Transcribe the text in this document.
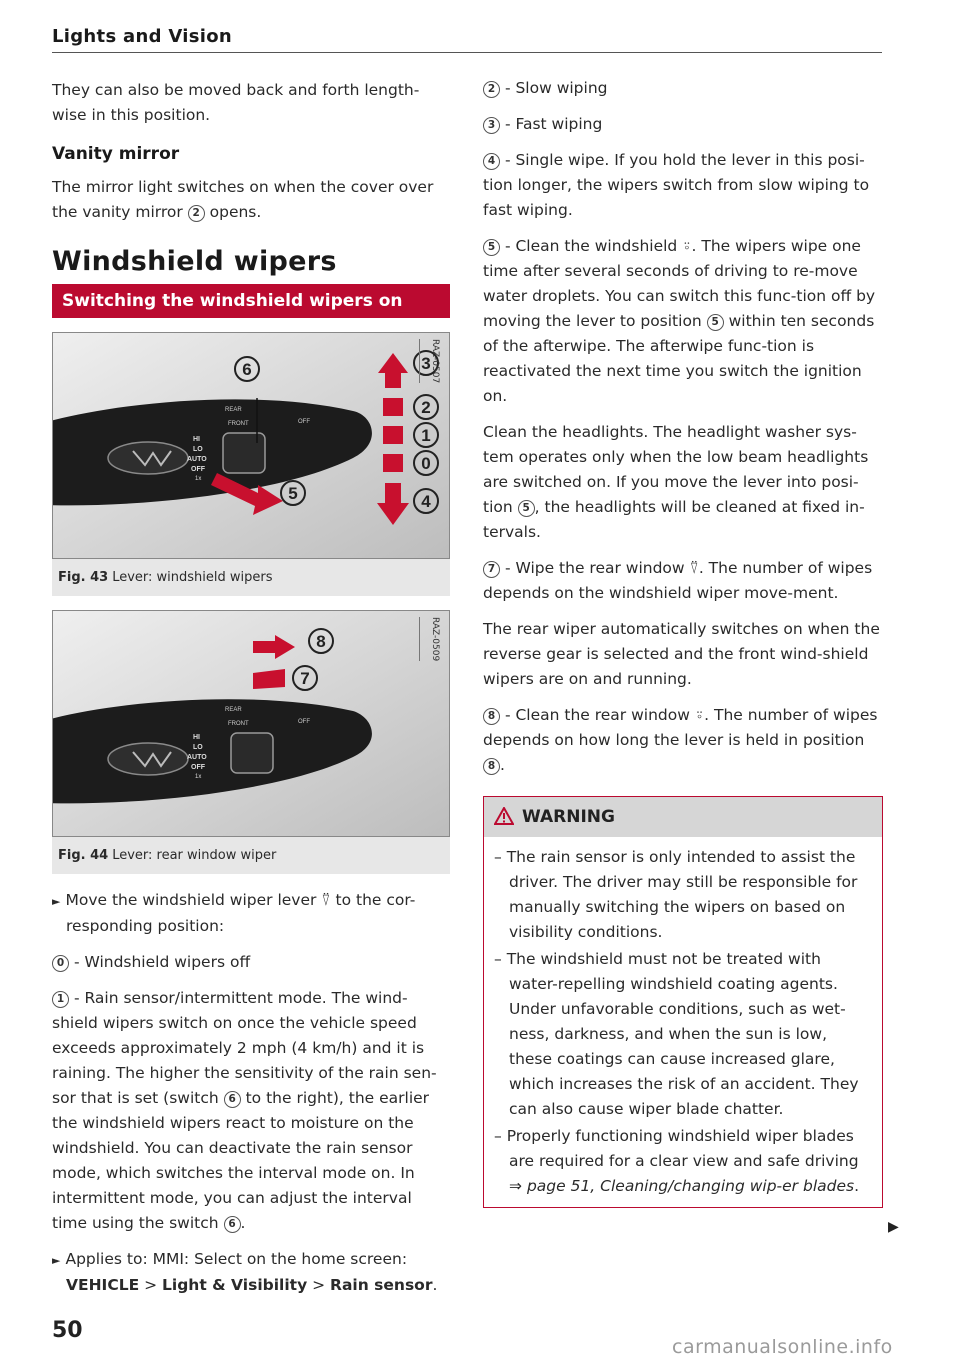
Lights and Vision

They can also be moved back and forth length-wise in this position.

Vanity mirror

The mirror light switches on when the cover over the vanity mirror 2 opens.

Windshield wipers
Switching the windshield wipers on
REAR
FRONT	OFF
HI
LO
AUTO
OFF
1x
6	3
2
1
0
4
5
RAZ-0507
Fig. 43 Lever: windshield wipers
REAR
FRONT	OFF
HI
LO
AUTO
OFF
1x
8
7
RAZ-0509
Fig. 44 Lever: rear window wiper

► Move the windshield wiper lever ⍢ to the cor-responding position:

0 - Windshield wipers off

1 - Rain sensor/intermittent mode. The wind-shield wipers switch on once the vehicle speed exceeds approximately 2 mph (4 km/h) and it is raining. The higher the sensitivity of the rain sen-sor that is set (switch 6 to the right), the earlier the windshield wipers react to moisture on the windshield. You can deactivate the rain sensor mode, which switches the interval mode on. In intermittent mode, you can adjust the interval time using the switch 6 .

► Applies to: MMI: Select on the home screen: VEHICLE > Light & Visibility > Rain sensor.

2 - Slow wiping

3 - Fast wiping

4 - Single wipe. If you hold the lever in this posi-tion longer, the wipers switch from slow wiping to fast wiping.

5 - Clean the windshield ⍤. The wipers wipe one time after several seconds of driving to re-move water droplets. You can switch this func-tion off by moving the lever to position 5 within ten seconds of the afterwipe. The afterwipe func-tion is reactivated the next time you switch the ignition on.

Clean the headlights. The headlight washer sys-tem operates only when the low beam headlights are switched on. If you move the lever into posi-tion 5 , the headlights will be cleaned at fixed in-tervals.

7 - Wipe the rear window ⍢. The number of wipes depends on the windshield wiper move-ment.

The rear wiper automatically switches on when the reverse gear is selected and the front wind-shield wipers are on and running.

8 - Clean the rear window ⍤. The number of wipes depends on how long the lever is held in position 8 .

WARNING
– The rain sensor is only intended to assist the driver. The driver may still be responsible for manually switching the wipers on based on visibility conditions.
– The windshield must not be treated with water-repelling windshield coating agents. Under unfavorable conditions, such as wet-ness, darkness, and when the sun is low, these coatings can cause increased glare, which increases the risk of an accident. They can also cause wiper blade chatter.
– Properly functioning windshield wiper blades are required for a clear view and safe driving ⇒ page 51, Cleaning/changing wip-er blades.
▶
50
carmanualsonline.info
